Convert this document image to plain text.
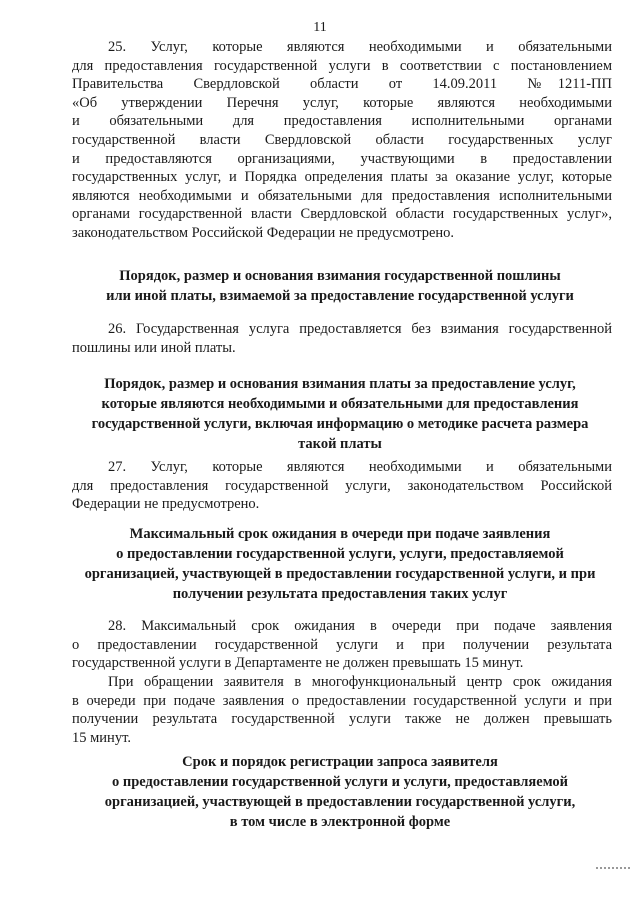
11
25.   Услуг,   которые   являются   необходимыми   и   обязательными
для предоставления государственной услуги в соответствии с постановлением
Правительства   Свердловской   области   от   14.09.2011   № 1211-ПП
«Об утверждении Перечня услуг, которые являются необходимыми
и  обязательными  для  предоставления  исполнительными  органами
государственной власти Свердловской области государственных услуг
и  предоставляются  организациями,  участвующими  в  предоставлении
государственных услуг, и Порядка определения платы за оказание услуг, которые
являются необходимыми и обязательными для предоставления исполнительными
органами государственной власти Свердловской области государственных услуг»,
законодательством Российской Федерации не предусмотрено.
Порядок, размер и основания взимания государственной пошлины
или иной платы, взимаемой за предоставление государственной услуги
26. Государственная услуга предоставляется без взимания государственной
пошлины или иной платы.
Порядок, размер и основания взимания платы за предоставление услуг,
которые являются необходимыми и обязательными для предоставления
государственной услуги, включая информацию о методике расчета размера
такой платы
27.   Услуг,   которые   являются   необходимыми   и   обязательными
для предоставления государственной услуги, законодательством Российской
Федерации не предусмотрено.
Максимальный срок ожидания в очереди при подаче заявления
о предоставлении государственной услуги, услуги, предоставляемой
организацией, участвующей в предоставлении государственной услуги, и при
получении результата предоставления таких услуг
28. Максимальный срок ожидания в очереди при подаче заявления
о  предоставлении  государственной  услуги  и  при  получении  результата
государственной услуги в Департаменте не должен превышать 15 минут.
При обращении заявителя в многофункциональный центр срок ожидания
в очереди при подаче заявления о предоставлении государственной услуги и при
получении результата государственной услуги также не должен превышать
15 минут.
Срок и порядок регистрации запроса заявителя
о предоставлении государственной услуги и услуги, предоставляемой
организацией, участвующей в предоставлении государственной услуги,
в том числе в электронной форме
